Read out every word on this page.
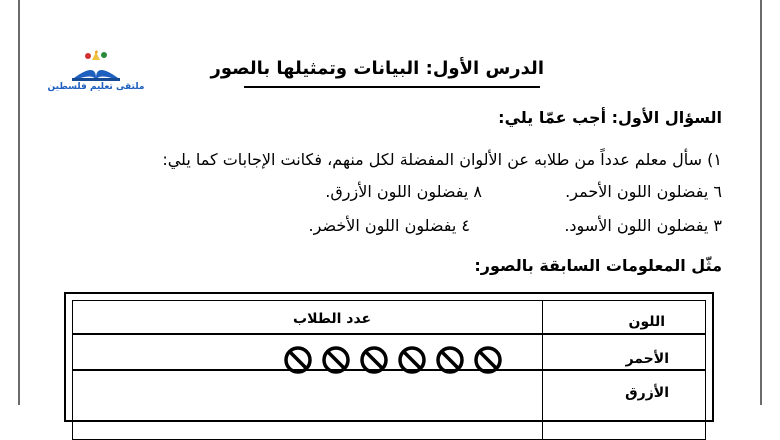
ملتقى تعليم فلسطين
الدرس الأول: البيانات وتمثيلها بالصور
السؤال الأول: أجب عمّا يلي:
١) سأل معلم عدداً من طلابه عن الألوان المفضلة لكل منهم، فكانت الإجابات كما يلي:
٦ يفضلون اللون الأحمر.
٨ يفضلون اللون الأزرق.
٣ يفضلون اللون الأسود.
٤ يفضلون اللون الأخضر.
مثّل المعلومات السابقة بالصور:
اللون
عدد الطلاب
الأحمر
الأزرق
